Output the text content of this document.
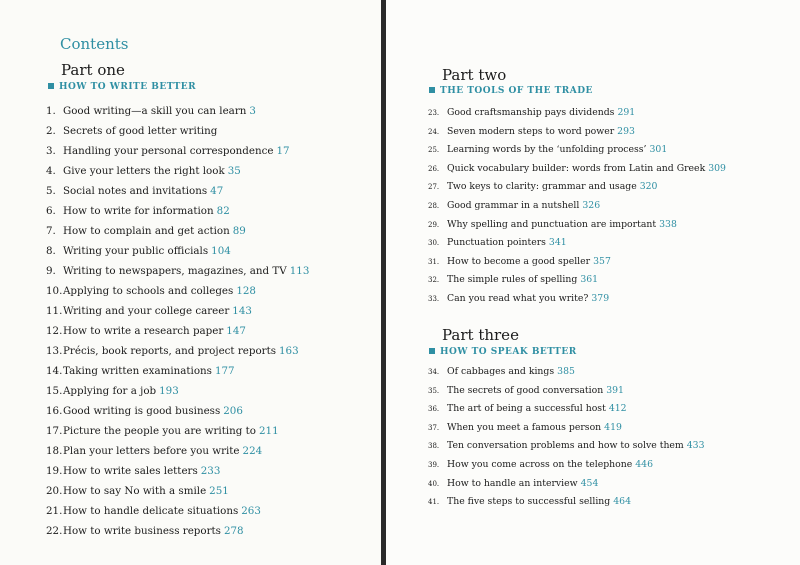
Contents
Part one
HOW TO WRITE BETTER
1. Good writing—a skill you can learn 3
2. Secrets of good letter writing
3. Handling your personal correspondence 17
4. Give your letters the right look 35
5. Social notes and invitations 47
6. How to write for information 82
7. How to complain and get action 89
8. Writing your public officials 104
9. Writing to newspapers, magazines, and TV 113
10.Applying to schools and colleges 128
11.Writing and your college career 143
12.How to write a research paper 147
13.Précis, book reports, and project reports 163
14.Taking written examinations 177
15.Applying for a job 193
16.Good writing is good business 206
17.Picture the people you are writing to 211
18.Plan your letters before you write 224
19.How to write sales letters 233
20.How to say No with a smile 251
21.How to handle delicate situations 263
22.How to write business reports 278
Part two
THE TOOLS OF THE TRADE
23. Good craftsmanship pays dividends 291
24. Seven modern steps to word power 293
25. Learning words by the ‘unfolding process’ 301
26. Quick vocabulary builder: words from Latin and Greek 309
27. Two keys to clarity: grammar and usage 320
28. Good grammar in a nutshell 326
29. Why spelling and punctuation are important 338
30. Punctuation pointers 341
31. How to become a good speller 357
32. The simple rules of spelling 361
33. Can you read what you write? 379
Part three
HOW TO SPEAK BETTER
34. Of cabbages and kings 385
35. The secrets of good conversation 391
36. The art of being a successful host 412
37. When you meet a famous person 419
38. Ten conversation problems and how to solve them 433
39. How you come across on the telephone 446
40. How to handle an interview 454
41. The five steps to successful selling 464
